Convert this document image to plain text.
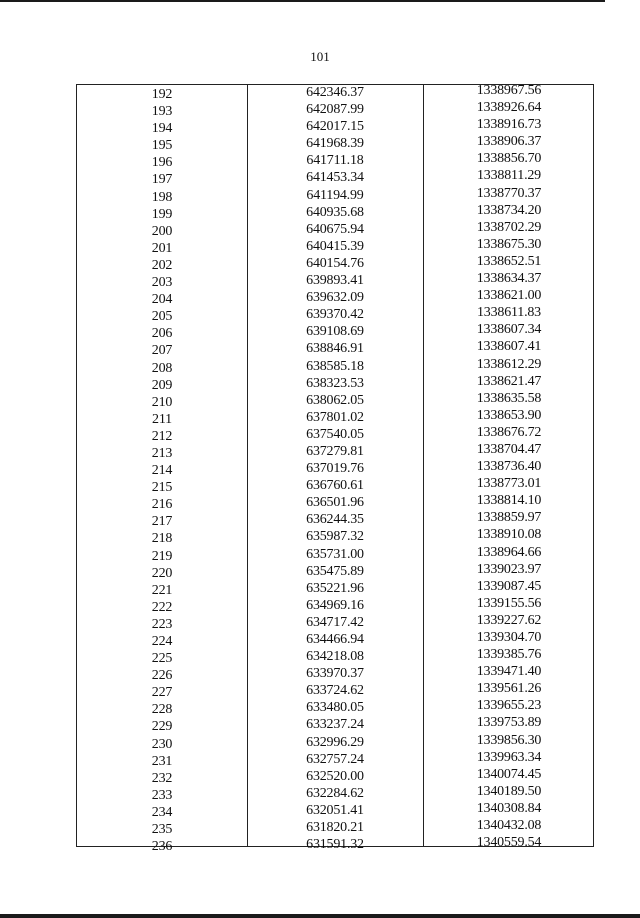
101
192	642346.37	1338967.56
193	642087.99	1338926.64
194	642017.15	1338916.73
195	641968.39	1338906.37
196	641711.18	1338856.70
197	641453.34	1338811.29
198	641194.99	1338770.37
199	640935.68	1338734.20
200	640675.94	1338702.29
201	640415.39	1338675.30
202	640154.76	1338652.51
203	639893.41	1338634.37
204	639632.09	1338621.00
205	639370.42	1338611.83
206	639108.69	1338607.34
207	638846.91	1338607.41
208	638585.18	1338612.29
209	638323.53	1338621.47
210	638062.05	1338635.58
211	637801.02	1338653.90
212	637540.05	1338676.72
213	637279.81	1338704.47
214	637019.76	1338736.40
215	636760.61	1338773.01
216	636501.96	1338814.10
217	636244.35	1338859.97
218	635987.32	1338910.08
219	635731.00	1338964.66
220	635475.89	1339023.97
221	635221.96	1339087.45
222	634969.16	1339155.56
223	634717.42	1339227.62
224	634466.94	1339304.70
225	634218.08	1339385.76
226	633970.37	1339471.40
227	633724.62	1339561.26
228	633480.05	1339655.23
229	633237.24	1339753.89
230	632996.29	1339856.30
231	632757.24	1339963.34
232	632520.00	1340074.45
233	632284.62	1340189.50
234	632051.41	1340308.84
235	631820.21	1340432.08
236	631591.32	1340559.54
